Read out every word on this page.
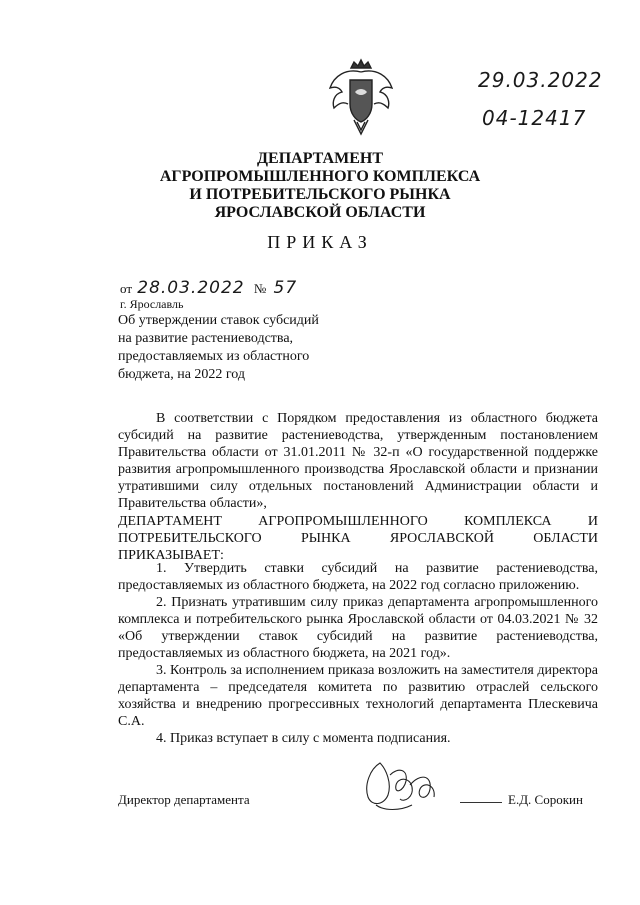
29.03.2022
04-12417
ДЕПАРТАМЕНТ
АГРОПРОМЫШЛЕННОГО КОМПЛЕКСА
И ПОТРЕБИТЕЛЬСКОГО РЫНКА
ЯРОСЛАВСКОЙ ОБЛАСТИ
ПРИКАЗ
от 28.03.2022 № 57
г. Ярославль
Об утверждении ставок субсидий
на развитие растениеводства,
предоставляемых из областного
бюджета, на 2022 год
В соответствии с Порядком предоставления из областного бюджета субсидий на развитие растениеводства, утвержденным постановлением Правительства области от 31.01.2011 № 32-п «О государственной поддержке развития агропромышленного производства Ярославской области и признании утратившими силу отдельных постановлений Администрации области и Правительства области»,
ДЕПАРТАМЕНТ	АГРОПРОМЫШЛЕННОГО	КОМПЛЕКСА	И
ПОТРЕБИТЕЛЬСКОГО	РЫНКА	ЯРОСЛАВСКОЙ	ОБЛАСТИ
ПРИКАЗЫВАЕТ:

1. Утвердить ставки субсидий на развитие растениеводства, предоставляемых из областного бюджета, на 2022 год согласно приложению.

2. Признать утратившим силу приказ департамента агропромышленного комплекса и потребительского рынка Ярославской области от 04.03.2021 № 32 «Об утверждении ставок субсидий на развитие растениеводства, предоставляемых из областного бюджета, на 2021 год».

3. Контроль за исполнением приказа возложить на заместителя директора департамента – председателя комитета по развитию отраслей сельского хозяйства и внедрению прогрессивных технологий департамента Плескевича С.А.

4. Приказ вступает в силу с момента подписания.

Директор департамента	Е.Д. Сорокин
